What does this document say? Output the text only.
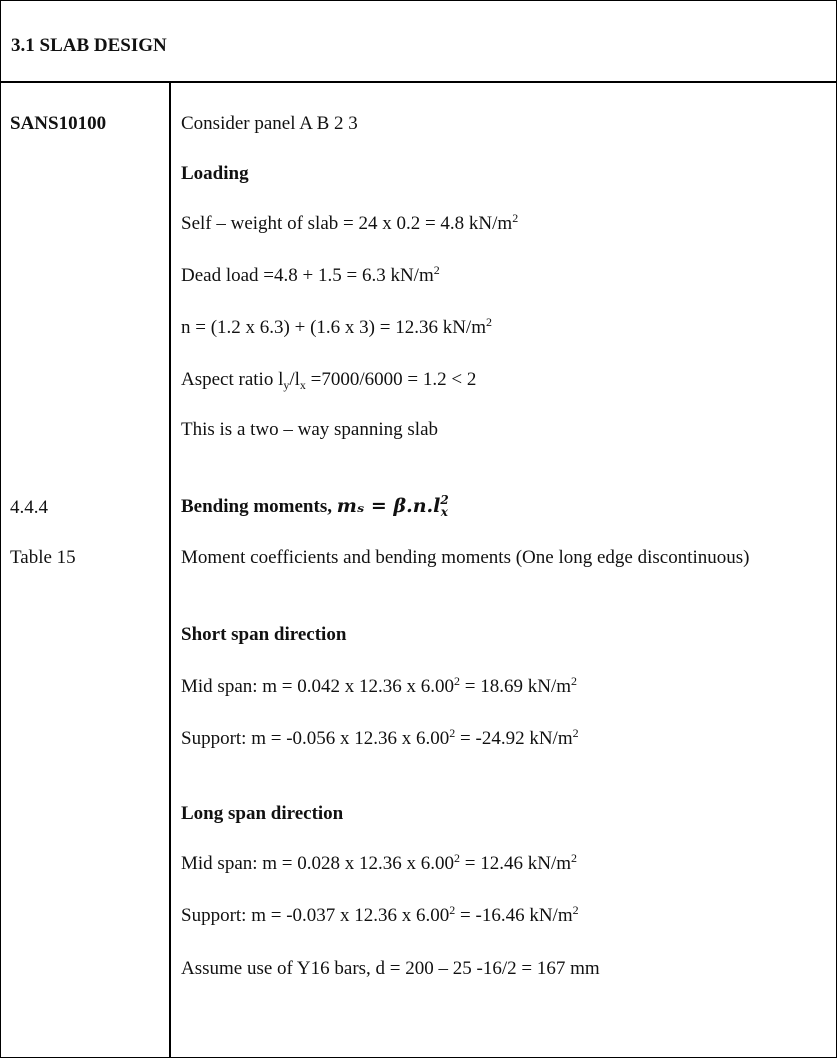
3.1 SLAB DESIGN
SANS10100
4.4.4
Table 15
Consider panel A B 2 3
Loading
Self – weight of slab = 24 x 0.2 = 4.8 $kN/m^2$
Dead load =4.8 + 1.5 = 6.3 $kN/m^2$
n = (1.2 x 6.3) + (1.6 x 3) = 12.36 $kN/m^2$
Aspect ratio $l_y/l_x =7000/6000 = 1.2 < 2$
This is a two – way spanning slab
Bending moments, $m_s = \beta.n.l^2_x$
Moment coefficients and bending moments (One long edge discontinuous)
Short span direction
Mid span: m = 0.042 x 12.36 x $6.00^2 = 18.69$ $kN/m^2$
Support: m = -0.056 x 12.36 x $6.00^2 = -24.92$ $kN/m^2$
Long span direction
Mid span: m = 0.028 x 12.36 x $6.00^2 = 12.46$ $kN/m^2$
Support: m = -0.037 x 12.36 x $6.00^2 = -16.46$ $kN/m^2$
Assume use of Y16 bars, d = 200 – 25 -16/2 = 167 mm
